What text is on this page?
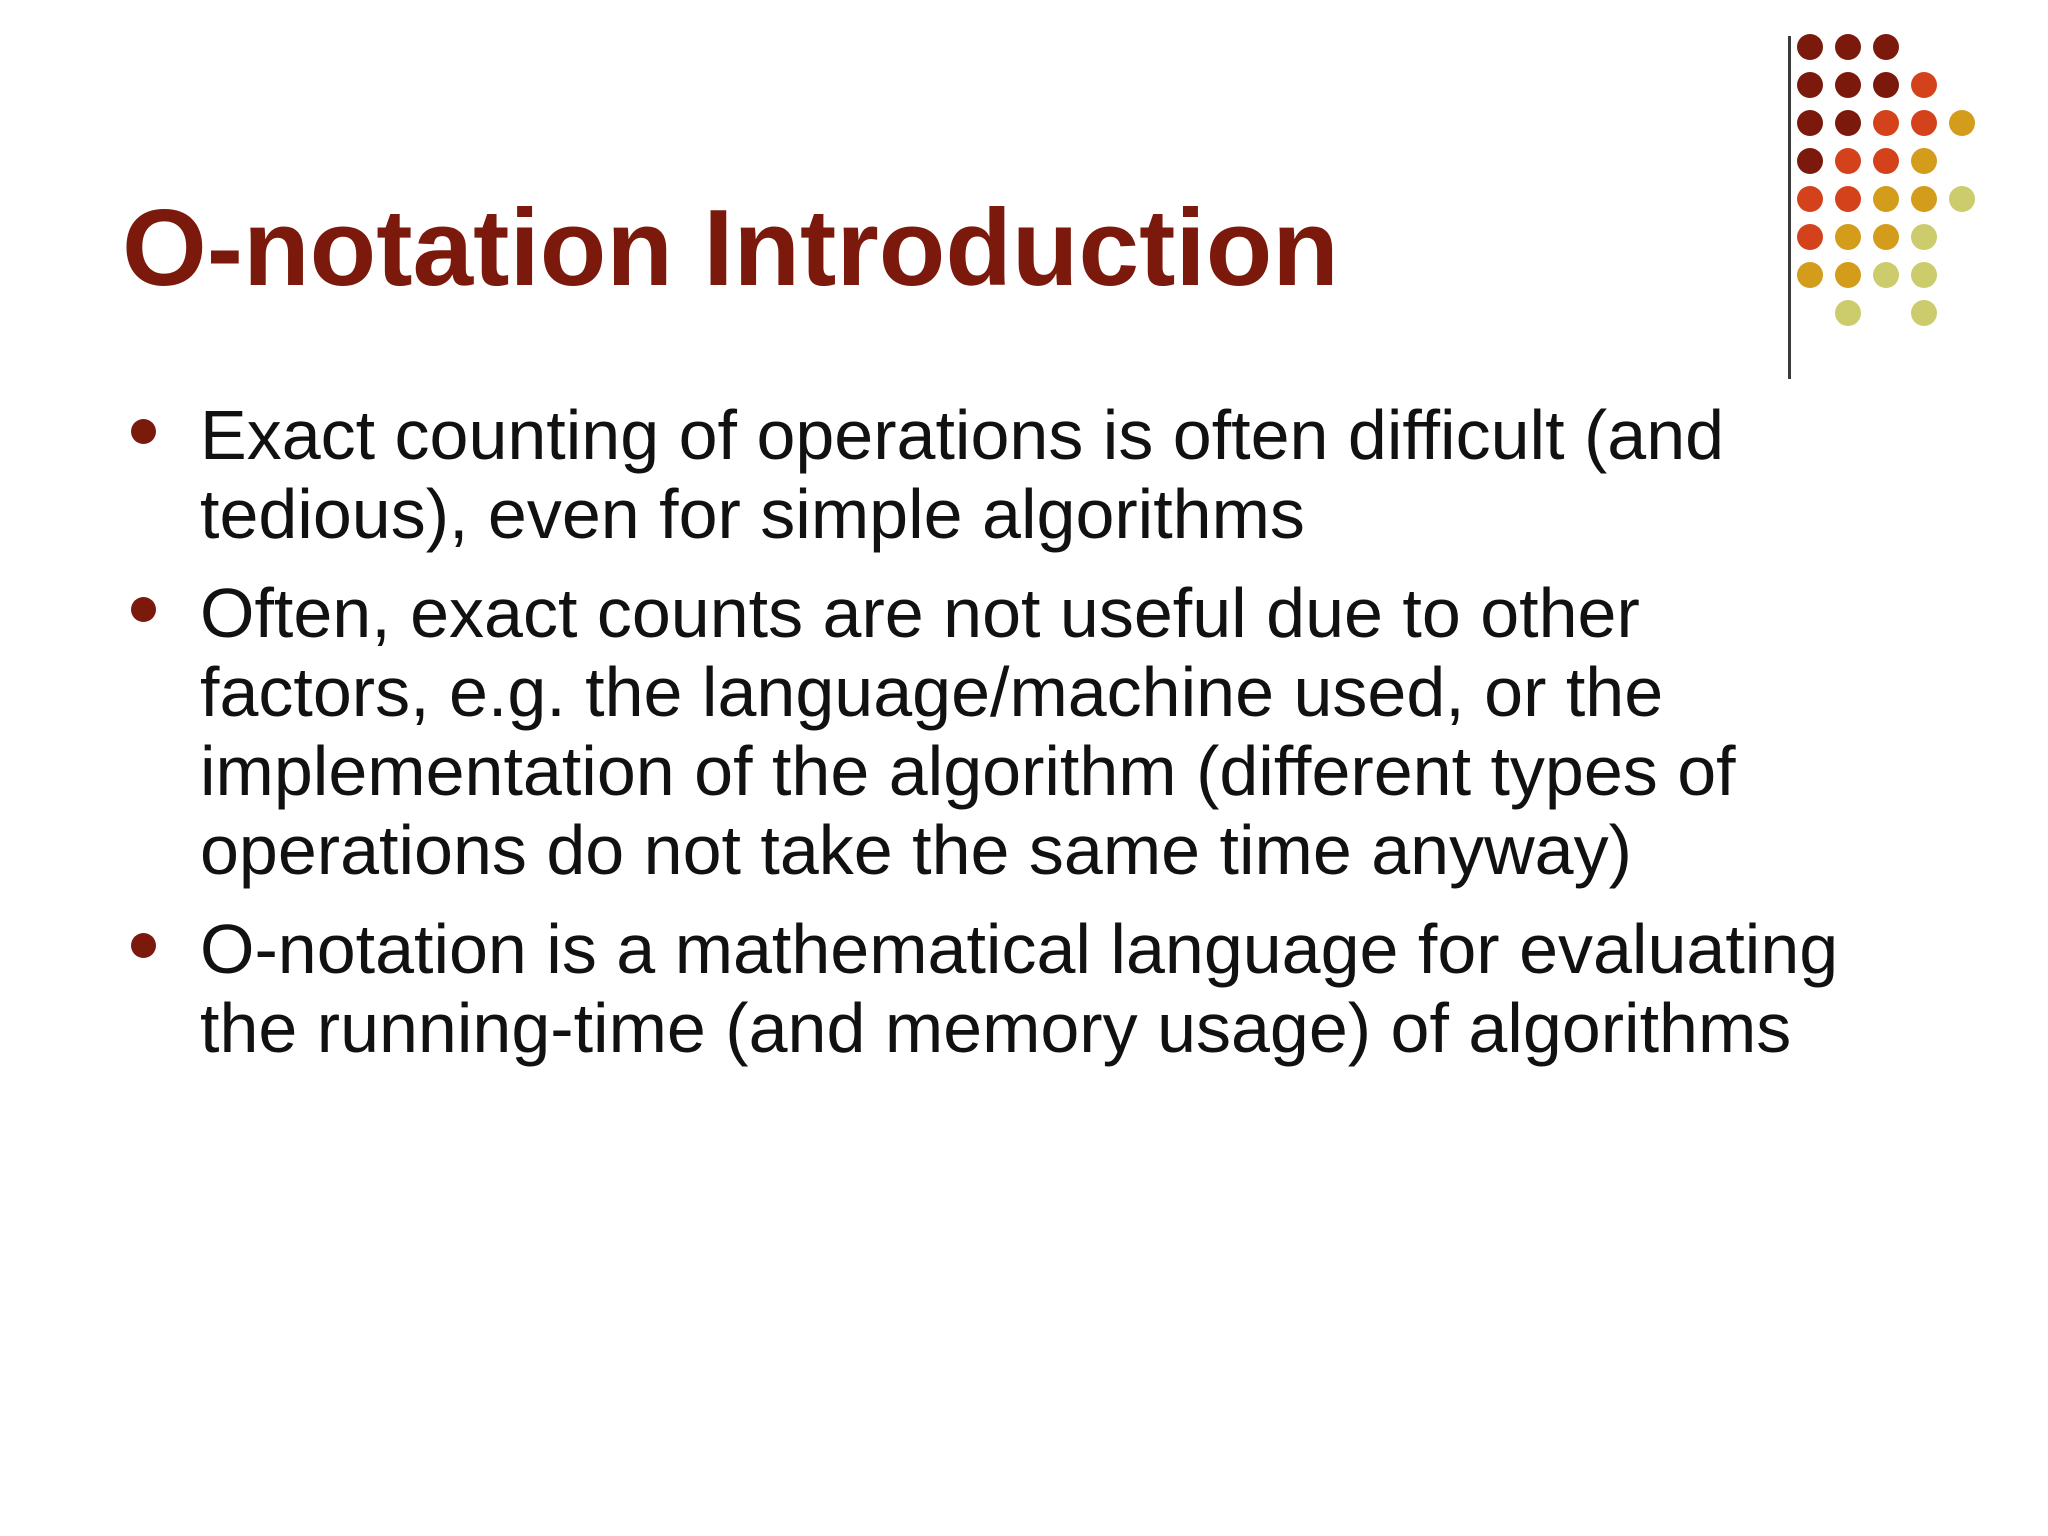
O-notation Introduction
Exact counting of operations is often difficult (and
tedious), even for simple algorithms
Often, exact counts are not useful due to other
factors, e.g. the language/machine used, or the
implementation of the algorithm (different types of
operations do not take the same time anyway)
O-notation is a mathematical language for evaluating
the running-time (and memory usage) of algorithms
